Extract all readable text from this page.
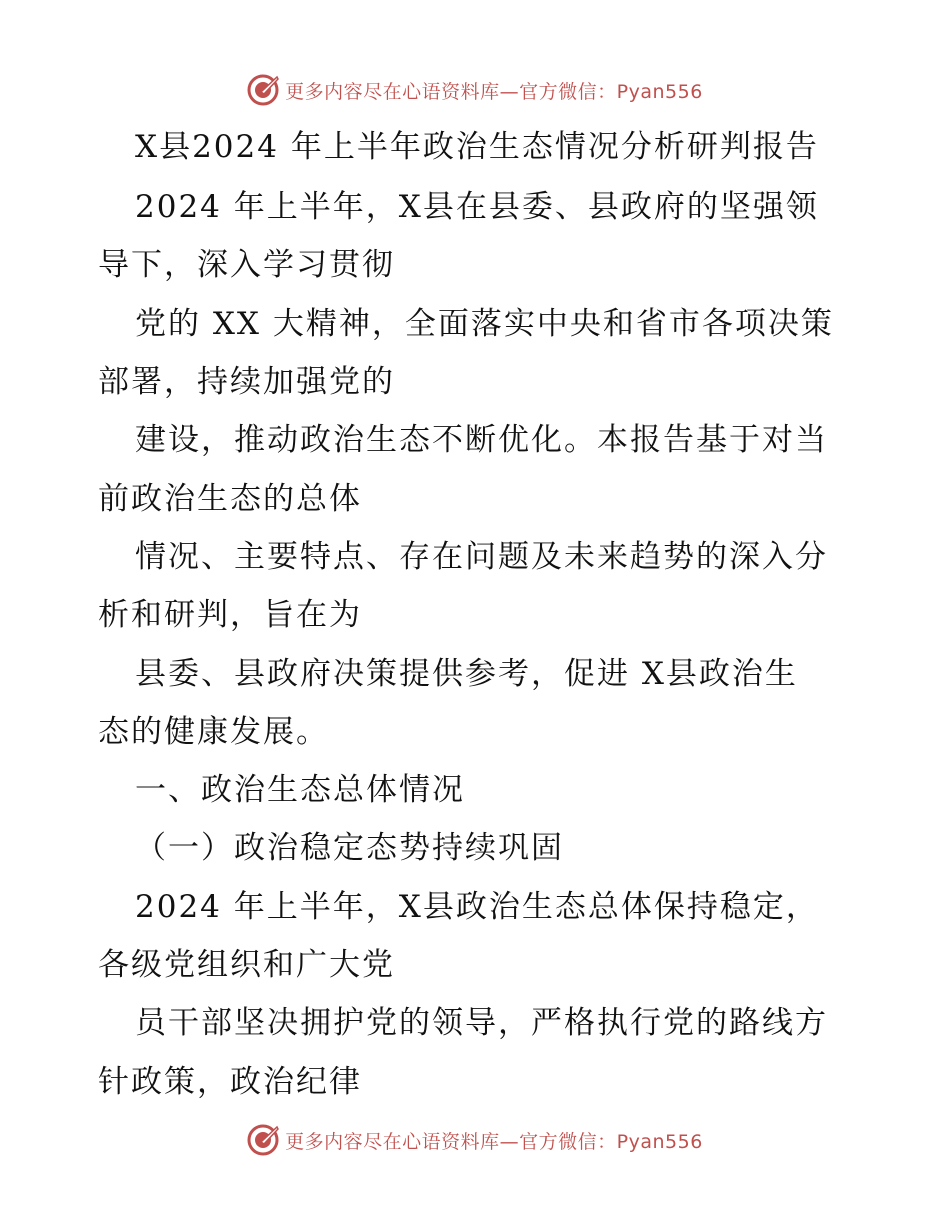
更多内容尽在心语资料库—官方微信：Pyan556
X县2024 年上半年政治生态情况分析研判报告
2024 年上半年，X县在县委、县政府的坚强领
导下，深入学习贯彻
党的 XX 大精神，全面落实中央和省市各项决策
部署，持续加强党的
建设，推动政治生态不断优化。本报告基于对当
前政治生态的总体
情况、主要特点、存在问题及未来趋势的深入分
析和研判，旨在为
县委、县政府决策提供参考，促进 X县政治生
态的健康发展。
一、政治生态总体情况
（一）政治稳定态势持续巩固
2024 年上半年，X县政治生态总体保持稳定，
各级党组织和广大党
员干部坚决拥护党的领导，严格执行党的路线方
针政策，政治纪律
更多内容尽在心语资料库—官方微信：Pyan556
